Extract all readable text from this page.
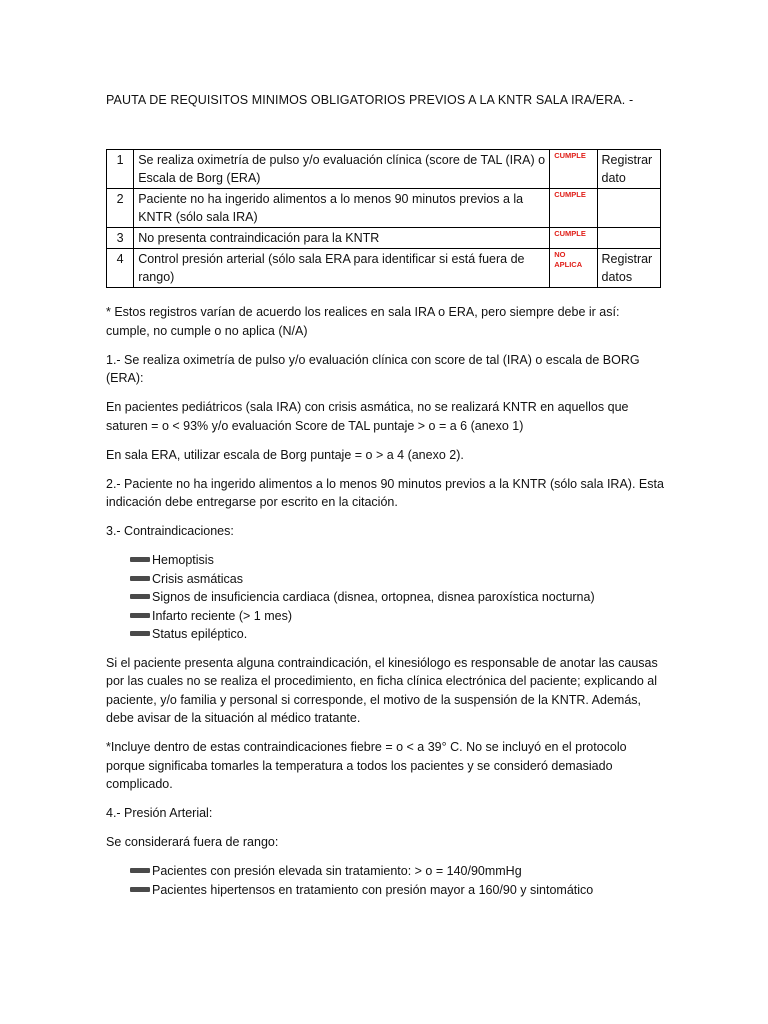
PAUTA DE REQUISITOS MINIMOS OBLIGATORIOS PREVIOS A LA KNTR SALA IRA/ERA. -
1	Se realiza oximetría de pulso y/o evaluación clínica (score de TAL (IRA) o Escala de Borg (ERA)	CUMPLE	Registrar dato
2	Paciente no ha ingerido alimentos a lo menos 90 minutos previos a la KNTR (sólo sala IRA)	CUMPLE	
3	No presenta contraindicación para la KNTR	CUMPLE	
4	Control presión arterial (sólo sala ERA para identificar si está fuera de rango)	NO APLICA	Registrar datos

* Estos registros varían de acuerdo los realices en sala IRA o ERA, pero siempre debe ir así: cumple, no cumple o no aplica (N/A)

1.- Se realiza oximetría de pulso y/o evaluación clínica con score de tal (IRA) o escala de BORG (ERA):

En pacientes pediátricos (sala IRA) con crisis asmática, no se realizará KNTR en aquellos que saturen = o < 93% y/o evaluación Score de TAL puntaje > o = a 6 (anexo 1)

En sala ERA, utilizar escala de Borg puntaje = o > a 4 (anexo 2).

2.- Paciente no ha ingerido alimentos a lo menos 90 minutos previos a la KNTR (sólo sala IRA). Esta indicación debe entregarse por escrito en la citación.

3.- Contraindicaciones:

Hemoptisis
Crisis asmáticas
Signos de insuficiencia cardiaca (disnea, ortopnea, disnea paroxística nocturna)
Infarto reciente (> 1 mes)
Status epiléptico.

Si el paciente presenta alguna contraindicación, el kinesiólogo es responsable de anotar las causas por las cuales no se realiza el procedimiento, en ficha clínica electrónica del paciente; explicando al paciente, y/o familia y personal si corresponde, el motivo de la suspensión de la KNTR. Además, debe avisar de la situación al médico tratante.

*Incluye dentro de estas contraindicaciones fiebre = o < a 39° C. No se incluyó en el protocolo porque significaba tomarles la temperatura a todos los pacientes y se consideró demasiado complicado.

4.- Presión Arterial:

Se considerará fuera de rango:

Pacientes con presión elevada sin tratamiento: > o = 140/90mmHg
Pacientes hipertensos en tratamiento con presión mayor a 160/90 y sintomático
